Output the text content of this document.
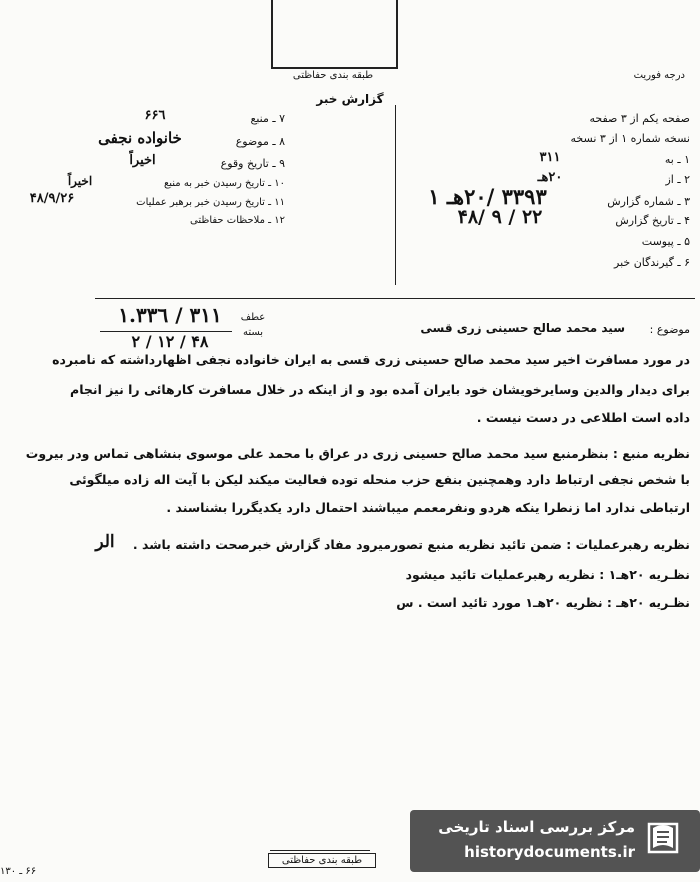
طبقه بندی حفاظتی	درجه فوريت
گزارش خبر
صفحه يكم از ٣ صفحه
نسخه شماره ۱ از ۳ نسخه
۱ ـ به
٣١١
۲ ـ از
۲۰هـ
۳ ـ شماره گزارش
۳۳۹۳ /۲۰هـ ۱
۴ ـ تاريخ گزارش
۴۸/ ۹ / ۲۲
۵ ـ پيوست
۶ ـ گيرندگان خبر
۷ ـ منبع
۶۶٦
۸ ـ موضوع
خانواده نجفی
۹ ـ تاريخ وقوع
اخيراً
۱۰ ـ تاريخ رسيدن خبر به منبع
اخيراً
۱۱ ـ تاريخ رسيدن خبر برهبر عمليات
۴۸/۹/۲۶
۱۲ ـ ملاحظات حفاظتی
٣١١ / ١.٣٣٦
۴۸ / ۱۲ / ۲
عطف
بسته	موضوع :
سيد محمد صالح حسينی زری قسی
در مورد مسافرت اخير سيد محمد صالح حسينی زری قسی به ايران خانواده نجفی اظهارداشته كه نامبرده
برای ديدار والدين وسايرخويشان خود بايران آمده بود و از اينكه در خلال مسافرت كارهائی را نيز انجام
داده است اطلاعی در دست نيست .
نظريه منبع : بنظرمنبع سيد محمد صالح حسينی زری در عراق با محمد علی موسوی بنشاهی تماس ودر بيروت
با شخص نجفی ارتباط دارد وهمچنين بنفع حزب منحله توده فعاليت ميكند ليكن با آيت اله زاده ميلگوئی
ارتباطی ندارد اما زنطرا ينكه هردو ونفرمعمم ميباشند احتمال دارد يكديگررا بشناسند .
نظريه رهبرعمليات : ضمن تائيد نظريه منبع تصورميرود مفاد گزارش خبرصحت داشته باشد .
الر
نظـريه ۲۰هـ۱ : نظريه رهبرعمليات تائيد ميشود
نظـريه ۲۰هـ : نظريه ۲۰هـ۱ مورد تائيد است . س
طبقه بندی حفاظتی
۶۶ ـ ۱۳۰
مركز بررسی اسناد تاريخی
historydocuments.ir
